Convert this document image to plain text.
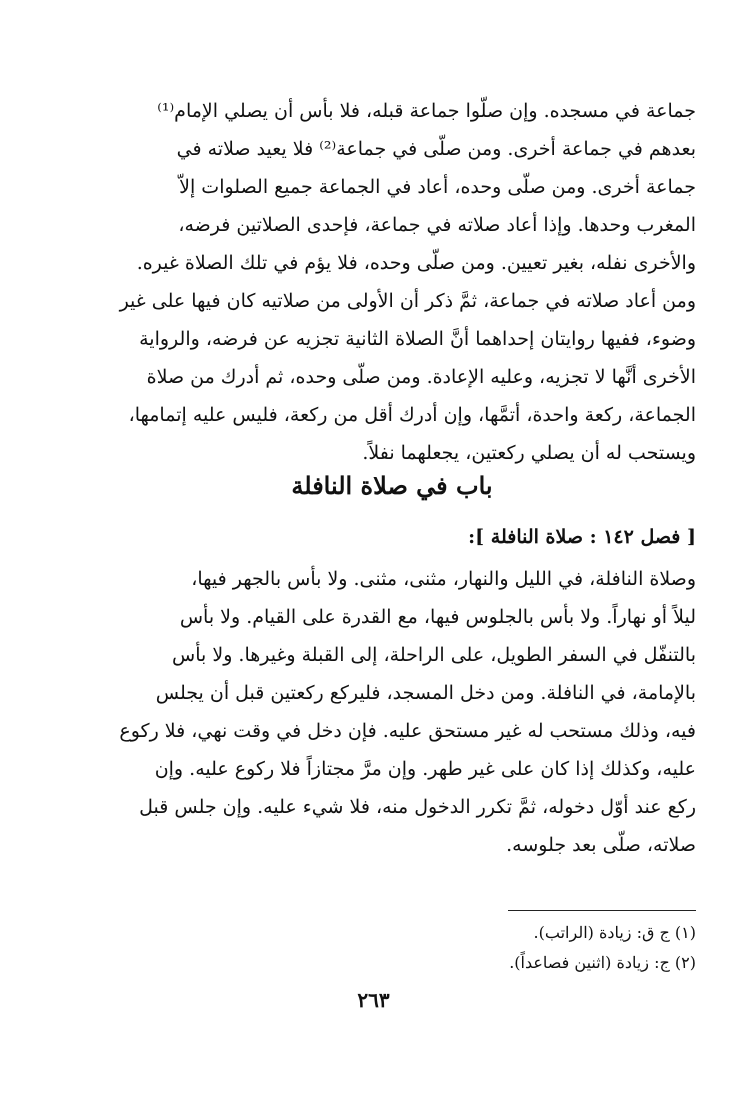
جماعة في مسجده. وإن صلّوا جماعة قبله، فلا بأس أن يصلي الإمام⁽¹⁾
بعدهم في جماعة أخرى. ومن صلّى في جماعة⁽²⁾ فلا يعيد صلاته في
جماعة أخرى. ومن صلّى وحده، أعاد في الجماعة جميع الصلوات إلاّ
المغرب وحدها. وإذا أعاد صلاته في جماعة، فإحدى الصلاتين فرضه،
والأخرى نفله، بغير تعيين. ومن صلّى وحده، فلا يؤم في تلك الصلاة غيره.
ومن أعاد صلاته في جماعة، ثمَّ ذكر أن الأولى من صلاتيه كان فيها على غير
وضوء، ففيها روايتان إحداهما أنَّ الصلاة الثانية تجزيه عن فرضه، والرواية
الأخرى أنَّها لا تجزيه، وعليه الإعادة. ومن صلّى وحده، ثم أدرك من صلاة
الجماعة، ركعة واحدة، أتمَّها، وإن أدرك أقل من ركعة، فليس عليه إتمامها،
ويستحب له أن يصلي ركعتين، يجعلهما نفلاً.
باب في صلاة النافلة
[ فصل ١٤٢ : صلاة النافلة ]:
وصلاة النافلة، في الليل والنهار، مثنى، مثنى. ولا بأس بالجهر فيها،
ليلاً أو نهاراً. ولا بأس بالجلوس فيها، مع القدرة على القيام. ولا بأس
بالتنفّل في السفر الطويل، على الراحلة، إلى القبلة وغيرها. ولا بأس
بالإمامة، في النافلة. ومن دخل المسجد، فليركع ركعتين قبل أن يجلس
فيه، وذلك مستحب له غير مستحق عليه. فإن دخل في وقت نهي، فلا ركوع
عليه، وكذلك إذا كان على غير طهر. وإن مرَّ مجتازاً فلا ركوع عليه. وإن
ركع عند أوّل دخوله، ثمَّ تكرر الدخول منه، فلا شيء عليه. وإن جلس قبل
صلاته، صلّى بعد جلوسه.
(١) ج ق: زيادة (الراتب).
(٢) ج: زيادة (اثنين فصاعداً).
٢٦٣
